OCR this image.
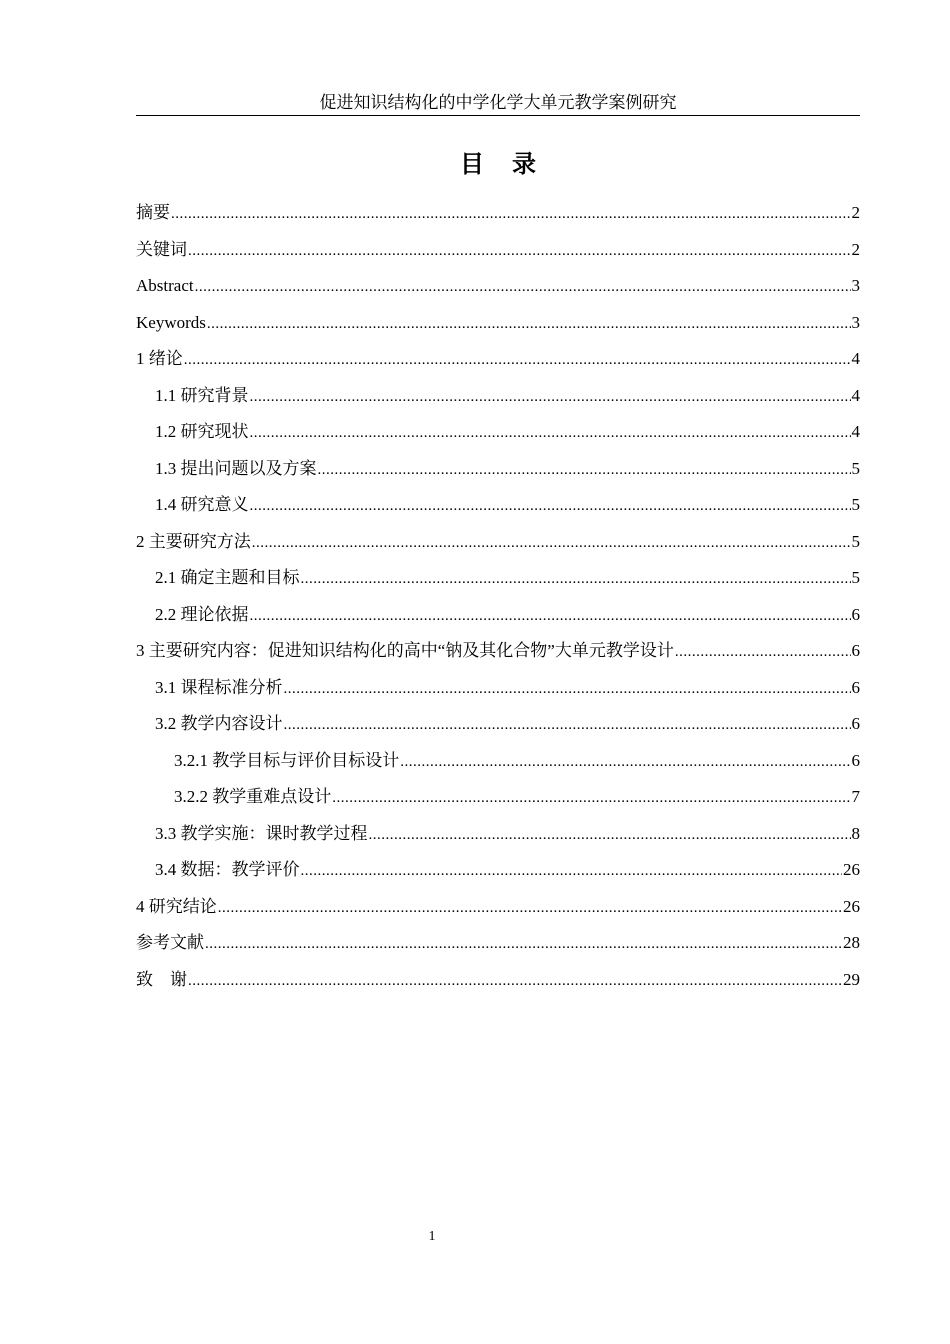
促进知识结构化的中学化学大单元教学案例研究
目 录
摘要 .....	2
关键词 .....	2
Abstract .....	3
Keywords .....	3
1 绪论 .....	4
1.1 研究背景 .....	4
1.2 研究现状 .....	4
1.3 提出问题以及方案 .....	5
1.4 研究意义 .....	5
2 主要研究方法 .....	5
2.1 确定主题和目标 .....	5
2.2 理论依据 .....	6
3 主要研究内容：促进知识结构化的高中“钠及其化合物”大单元教学设计 .....	6
3.1 课程标准分析 .....	6
3.2 教学内容设计 .....	6
3.2.1 教学目标与评价目标设计 .....	6
3.2.2 教学重难点设计 .....	7
3.3 教学实施：课时教学过程 .....	8
3.4 数据：教学评价 .....	26
4 研究结论 .....	26
参考文献 .....	28
致　谢 .....	29
1
